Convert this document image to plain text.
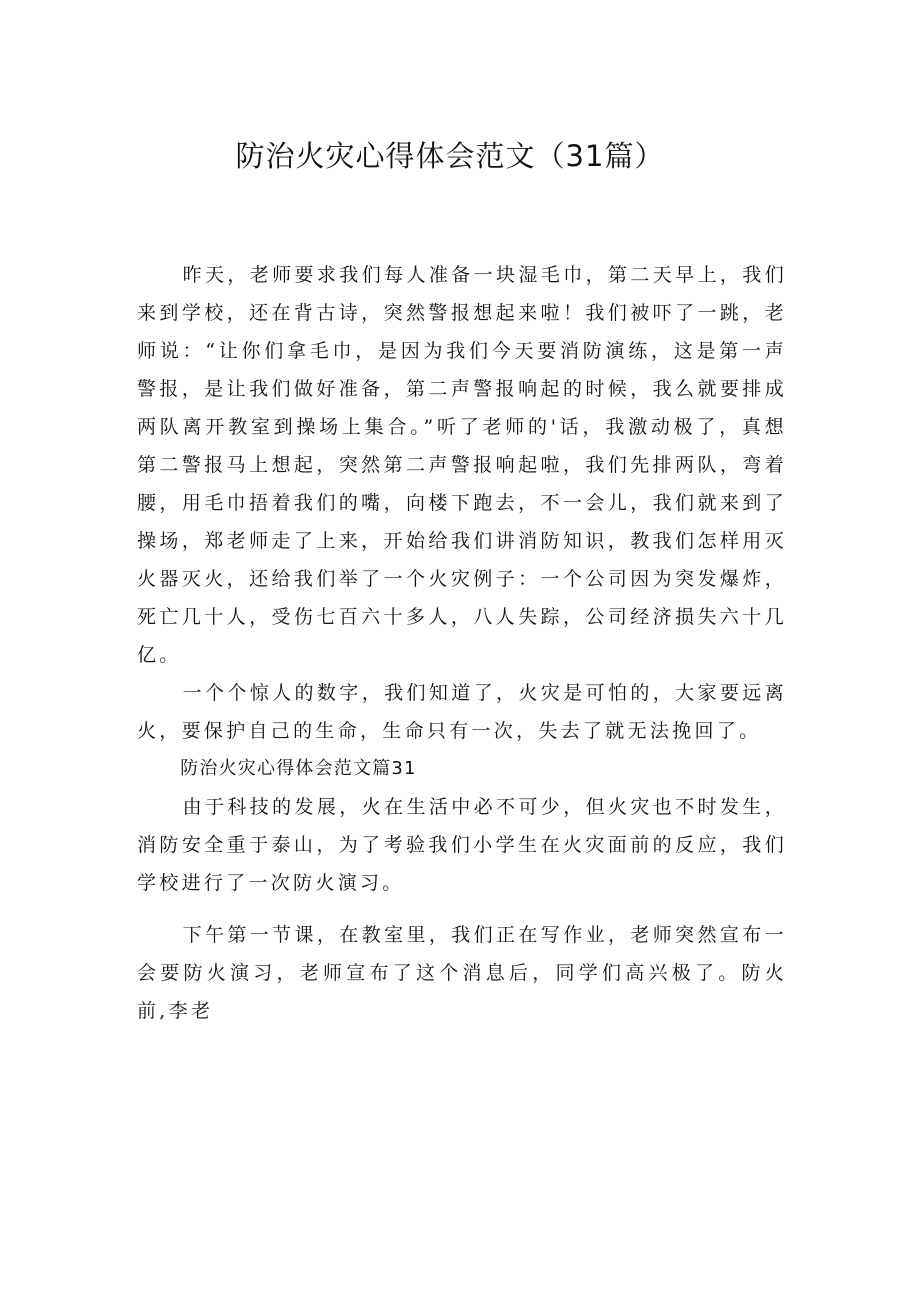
防治火灾心得体会范文（31篇）

昨天，老师要求我们每人准备一块湿毛巾，第二天早上，我们来到学校，还在背古诗，突然警报想起来啦！我们被吓了一跳，老师说：“让你们拿毛巾，是因为我们今天要消防演练，这是第一声警报，是让我们做好准备，第二声警报响起的时候，我么就要排成两队离开教室到操场上集合。”听了老师的'话，我激动极了，真想第二警报马上想起，突然第二声警报响起啦，我们先排两队，弯着腰，用毛巾捂着我们的嘴，向楼下跑去，不一会儿，我们就来到了操场，郑老师走了上来，开始给我们讲消防知识，教我们怎样用灭火器灭火，还给我们举了一个火灾例子：一个公司因为突发爆炸，死亡几十人，受伤七百六十多人，八人失踪，公司经济损失六十几亿。

一个个惊人的数字，我们知道了，火灾是可怕的，大家要远离火，要保护自己的生命，生命只有一次，失去了就无法挽回了。

防治火灾心得体会范文篇31

由于科技的发展，火在生活中必不可少，但火灾也不时发生，消防安全重于泰山，为了考验我们小学生在火灾面前的反应，我们学校进行了一次防火演习。

下午第一节课，在教室里，我们正在写作业，老师突然宣布一会要防火演习，老师宣布了这个消息后，同学们高兴极了。防火前,李老
